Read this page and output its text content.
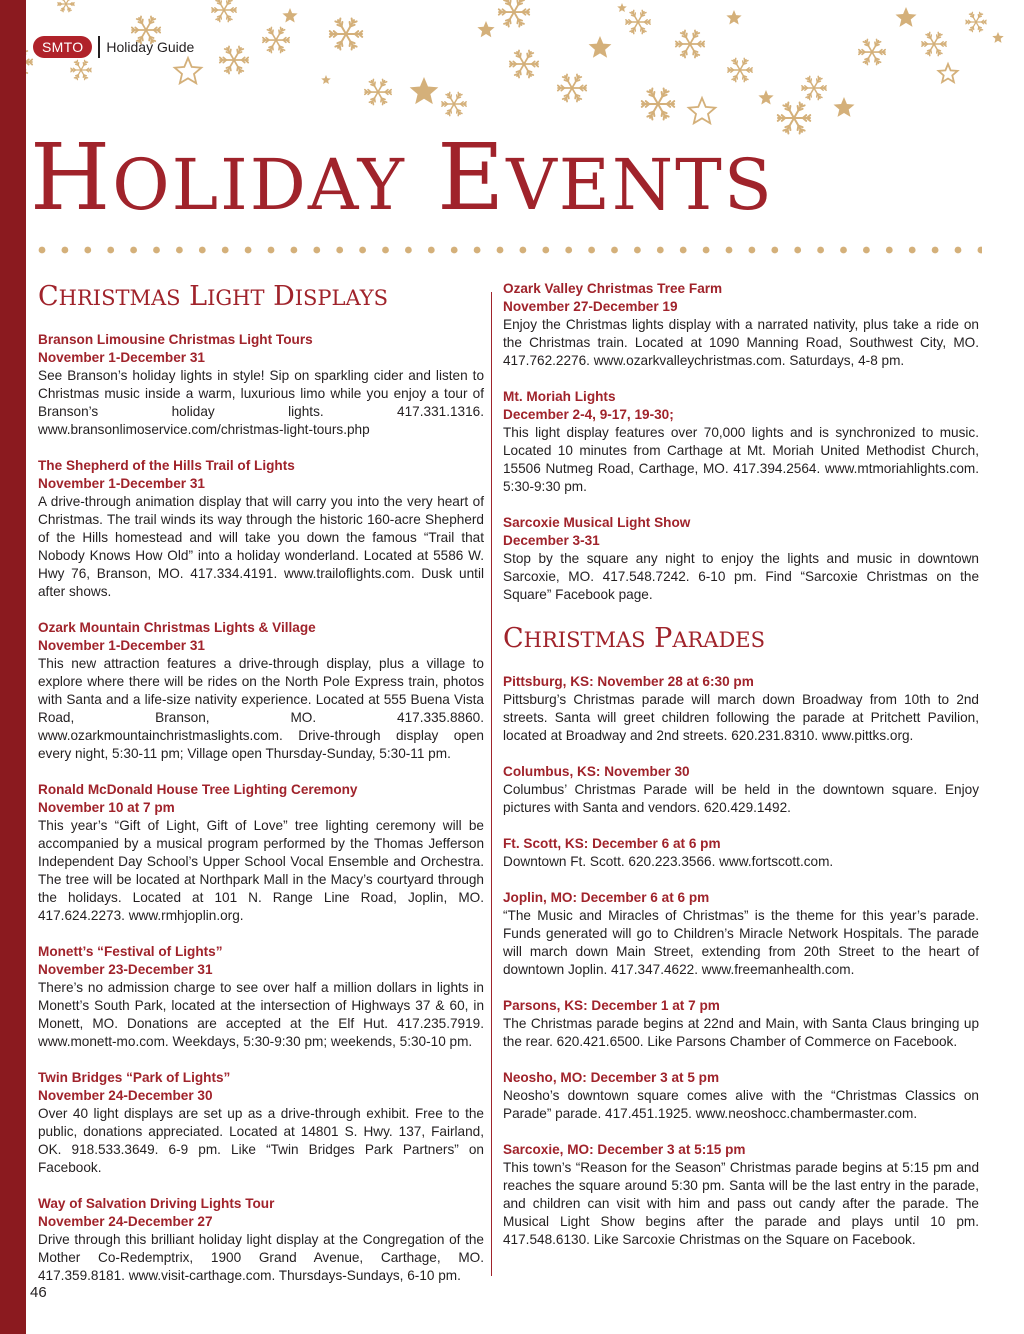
SMTO	Holiday Guide
HOLIDAY EVENTS
CHRISTMAS LIGHT DISPLAYS
Branson Limousine Christmas Light Tours
November 1-December 31

See Branson’s holiday lights in style! Sip on sparkling cider and listen to Christmas music inside a warm, luxurious limo while you enjoy a tour of Branson’s holiday lights. 417.331.1316. www.bransonlimoservice.com/christmas-light-tours.php

The Shepherd of the Hills Trail of Lights
November 1-December 31

A drive-through animation display that will carry you into the very heart of Christmas. The trail winds its way through the historic 160-acre Shepherd of the Hills homestead and will take you down the famous “Trail that Nobody Knows How Old” into a holiday wonderland. Located at 5586 W. Hwy 76, Branson, MO. 417.334.4191. www.trailoflights.com. Dusk until after shows.

Ozark Mountain Christmas Lights & Village
November 1-December 31

This new attraction features a drive-through display, plus a village to explore where there will be rides on the North Pole Express train, photos with Santa and a life-size nativity experience. Located at 555 Buena Vista Road, Branson, MO. 417.335.8860. www.ozarkmountainchristmaslights.com. Drive-through display open every night, 5:30-11 pm; Village open Thursday-Sunday, 5:30-11 pm.

Ronald McDonald House Tree Lighting Ceremony
November 10 at 7 pm

This year’s “Gift of Light, Gift of Love” tree lighting ceremony will be accompanied by a musical program performed by the Thomas Jefferson Independent Day School’s Upper School Vocal Ensemble and Orchestra. The tree will be located at Northpark Mall in the Macy’s courtyard through the holidays. Located at 101 N. Range Line Road, Joplin, MO. 417.624.2273. www.rmhjoplin.org.

Monett’s “Festival of Lights”
November 23-December 31

There’s no admission charge to see over half a million dollars in lights in Monett’s South Park, located at the intersection of Highways 37 & 60, in Monett, MO. Donations are accepted at the Elf Hut. 417.235.7919. www.monett-mo.com. Weekdays, 5:30-9:30 pm; weekends, 5:30-10 pm.

Twin Bridges “Park of Lights”
November 24-December 30

Over 40 light displays are set up as a drive-through exhibit. Free to the public, donations appreciated. Located at 14801 S. Hwy. 137, Fairland, OK. 918.533.3649. 6-9 pm. Like “Twin Bridges Park Partners” on Facebook.

Way of Salvation Driving Lights Tour
November 24-December 27

Drive through this brilliant holiday light display at the Congregation of the Mother Co-Redemptrix, 1900 Grand Avenue, Carthage, MO. 417.359.8181. www.visit-carthage.com. Thursdays-Sundays, 6-10 pm.

Ozark Valley Christmas Tree Farm
November 27-December 19

Enjoy the Christmas lights display with a narrated nativity, plus take a ride on the Christmas train. Located at 1090 Manning Road, Southwest City, MO. 417.762.2276. www.ozarkvalleychristmas.com. Saturdays, 4-8 pm.

Mt. Moriah Lights
December 2-4, 9-17, 19-30;

This light display features over 70,000 lights and is synchronized to music. Located 10 minutes from Carthage at Mt. Moriah United Methodist Church, 15506 Nutmeg Road, Carthage, MO. 417.394.2564. www.mtmoriahlights.com. 5:30-9:30 pm.

Sarcoxie Musical Light Show
December 3-31

Stop by the square any night to enjoy the lights and music in downtown Sarcoxie, MO. 417.548.7242. 6-10 pm. Find “Sarcoxie Christmas on the Square” Facebook page.

CHRISTMAS PARADES
Pittsburg, KS: November 28 at 6:30 pm

Pittsburg’s Christmas parade will march down Broadway from 10th to 2nd streets. Santa will greet children following the parade at Pritchett Pavilion, located at Broadway and 2nd streets. 620.231.8310. www.pittks.org.

Columbus, KS: November 30

Columbus’ Christmas Parade will be held in the downtown square. Enjoy pictures with Santa and vendors. 620.429.1492.

Ft. Scott, KS: December 6 at 6 pm

Downtown Ft. Scott. 620.223.3566. www.fortscott.com.

Joplin, MO: December 6 at 6 pm

“The Music and Miracles of Christmas” is the theme for this year’s parade. Funds generated will go to Children’s Miracle Network Hospitals. The parade will march down Main Street, extending from 20th Street to the heart of downtown Joplin. 417.347.4622. www.freemanhealth.com.

Parsons, KS: December 1 at 7 pm

The Christmas parade begins at 22nd and Main, with Santa Claus bringing up the rear. 620.421.6500. Like Parsons Chamber of Commerce on Facebook.

Neosho, MO: December 3 at 5 pm

Neosho’s downtown square comes alive with the “Christmas Classics on Parade” parade. 417.451.1925. www.neoshocc.chambermaster.com.

Sarcoxie, MO: December 3 at 5:15 pm

This town’s “Reason for the Season” Christmas parade begins at 5:15 pm and reaches the square around 5:30 pm. Santa will be the last entry in the parade, and children can visit with him and pass out candy after the parade. The Musical Light Show begins after the parade and plays until 10 pm. 417.548.6130. Like Sarcoxie Christmas on the Square on Facebook.

46
